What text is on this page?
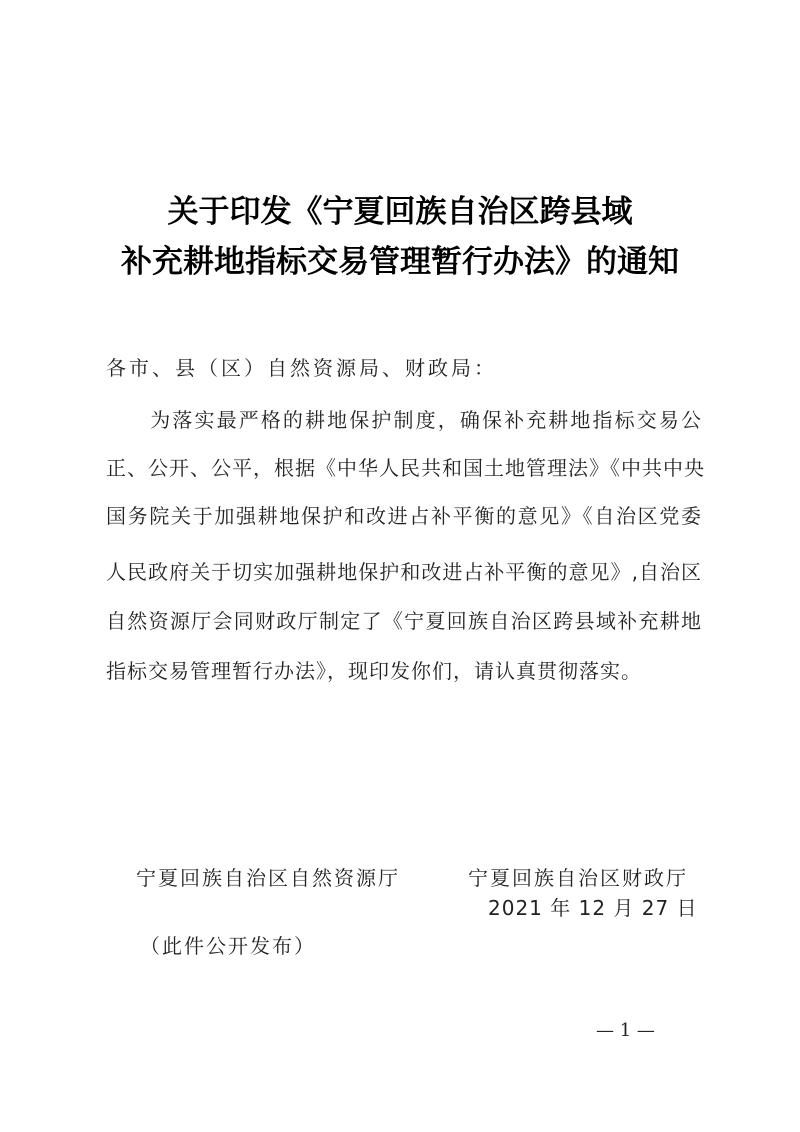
关于印发《宁夏回族自治区跨县域
补充耕地指标交易管理暂行办法》的通知
各市、县（区）自然资源局、财政局：
　　为落实最严格的耕地保护制度，确保补充耕地指标交易公
正、公开、公平，根据《中华人民共和国土地管理法》《中共中央
国务院关于加强耕地保护和改进占补平衡的意见》《自治区党委
人民政府关于切实加强耕地保护和改进占补平衡的意见》,自治区
自然资源厅会同财政厅制定了《宁夏回族自治区跨县域补充耕地
指标交易管理暂行办法》，现印发你们，请认真贯彻落实。
宁夏回族自治区自然资源厅	宁夏回族自治区财政厅
2021 年 12 月 27 日
（此件公开发布）
— 1 —
